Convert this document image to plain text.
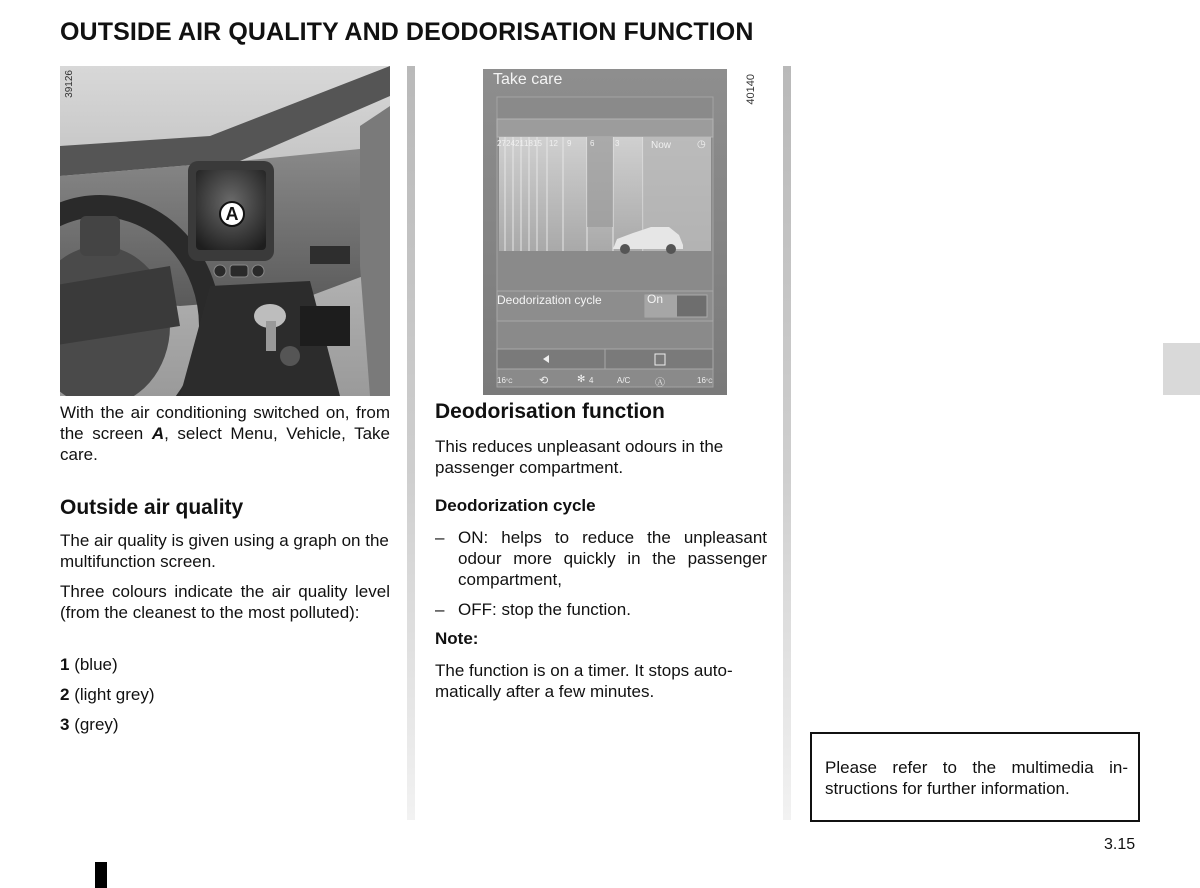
OUTSIDE AIR QUALITY AND DEODORISATION FUNCTION
39126
A
Take care
27 24 21 18 15 12 9 6	3	Now	◷
Deodorization cycle	On
16°C ⟲	✻ 4	A/C Ⓐ	16°C
40140
With the air conditioning switched on, from the screen A, select Menu, Vehicle, Take care.
Outside air quality
The air quality is given using a graph on the multifunction screen.
Three colours indicate the air quality level (from the cleanest to the most polluted):
1 (blue)
2 (light grey)
3 (grey)
Deodorisation function
This reduces unpleasant odours in the passenger compartment.
Deodorization cycle
– ON: helps to reduce the unpleasant odour more quickly in the passenger compartment,
– OFF: stop the function.
Note:
The function is on a timer. It stops auto-matically after a few minutes.
Please refer to the multimedia in-structions for further information.
3.15
